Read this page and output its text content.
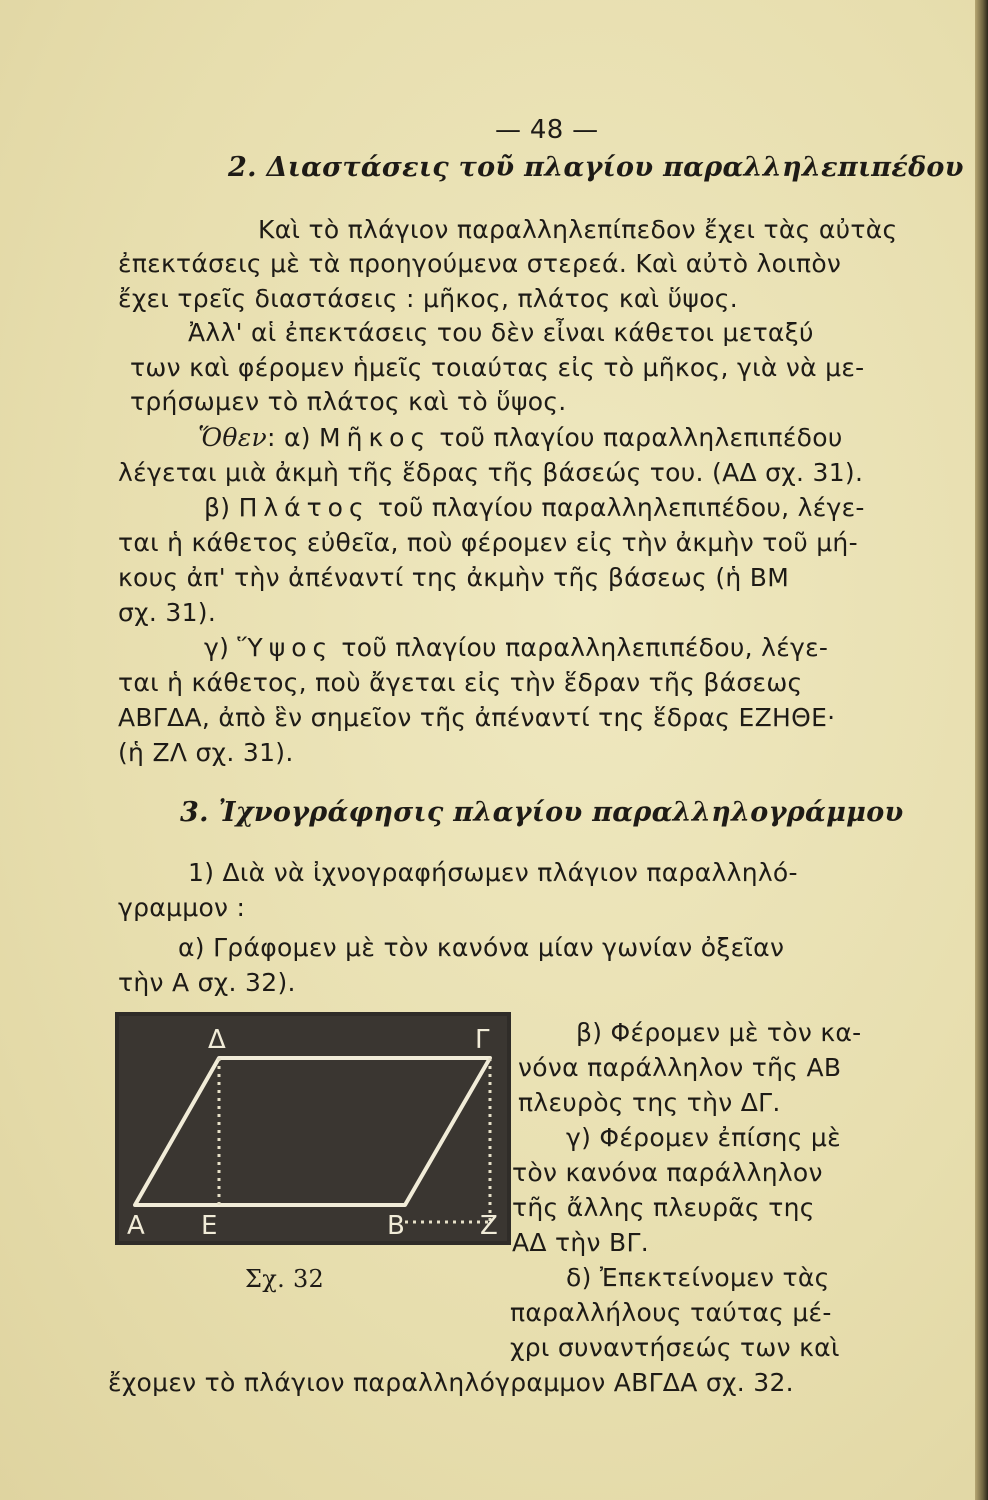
— 48 —
2. Διαστάσεις τοῦ πλαγίου παραλληλεπιπέδου
Καὶ τὸ πλάγιον παραλληλεπίπεδον ἔχει τὰς αὐτὰς
ἐπεκτάσεις μὲ τὰ προηγούμενα στερεά. Καὶ αὐτὸ λοιπὸν
ἔχει τρεῖς διαστάσεις : μῆκος, πλάτος καὶ ὕψος.
Ἀλλ' αἱ ἐπεκτάσεις του δὲν εἶναι κάθετοι μεταξύ
των καὶ φέρομεν ἡμεῖς τοιαύτας εἰς τὸ μῆκος, γιὰ νὰ με-
τρήσωμεν τὸ πλάτος καὶ τὸ ὕψος.
Ὅθεν: α) Μῆκος τοῦ πλαγίου παραλληλεπιπέδου
λέγεται μιὰ ἀκμὴ τῆς ἕδρας τῆς βάσεώς του. (ΑΔ σχ. 31).
β) Πλάτος τοῦ πλαγίου παραλληλεπιπέδου, λέγε-
ται ἡ κάθετος εὐθεῖα, ποὺ φέρομεν εἰς τὴν ἀκμὴν τοῦ μή-
κους ἀπ' τὴν ἀπέναντί της ἀκμὴν τῆς βάσεως (ἡ ΒΜ
σχ. 31).
γ) Ὕψος τοῦ πλαγίου παραλληλεπιπέδου, λέγε-
ται ἡ κάθετος, ποὺ ἄγεται εἰς τὴν ἕδραν τῆς βάσεως
ΑΒΓΔΑ, ἀπὸ ἓν σημεῖον τῆς ἀπέναντί της ἕδρας ΕΖΗΘΕ·
(ἡ ΖΛ σχ. 31).
3. Ἰχνογράφησις πλαγίου παραλληλογράμμου
1) Διὰ νὰ ἰχνογραφήσωμεν πλάγιον παραλληλό-
γραμμον :
α) Γράφομεν μὲ τὸν κανόνα μίαν γωνίαν ὀξεῖαν
τὴν Α σχ. 32).
Α Ε	Β	Ζ
Δ	Γ
Σχ. 32
β) Φέρομεν μὲ τὸν κα-
νόνα παράλληλον τῆς ΑΒ
πλευρὸς της τὴν ΔΓ.
γ) Φέρομεν ἐπίσης μὲ
τὸν κανόνα παράλληλον
τῆς ἄλλης πλευρᾶς της
ΑΔ τὴν ΒΓ.
δ) Ἐπεκτείνομεν τὰς
παραλλήλους ταύτας μέ-
χρι συναντήσεώς των καὶ
ἔχομεν τὸ πλάγιον παραλληλόγραμμον ΑΒΓΔΑ σχ. 32.
